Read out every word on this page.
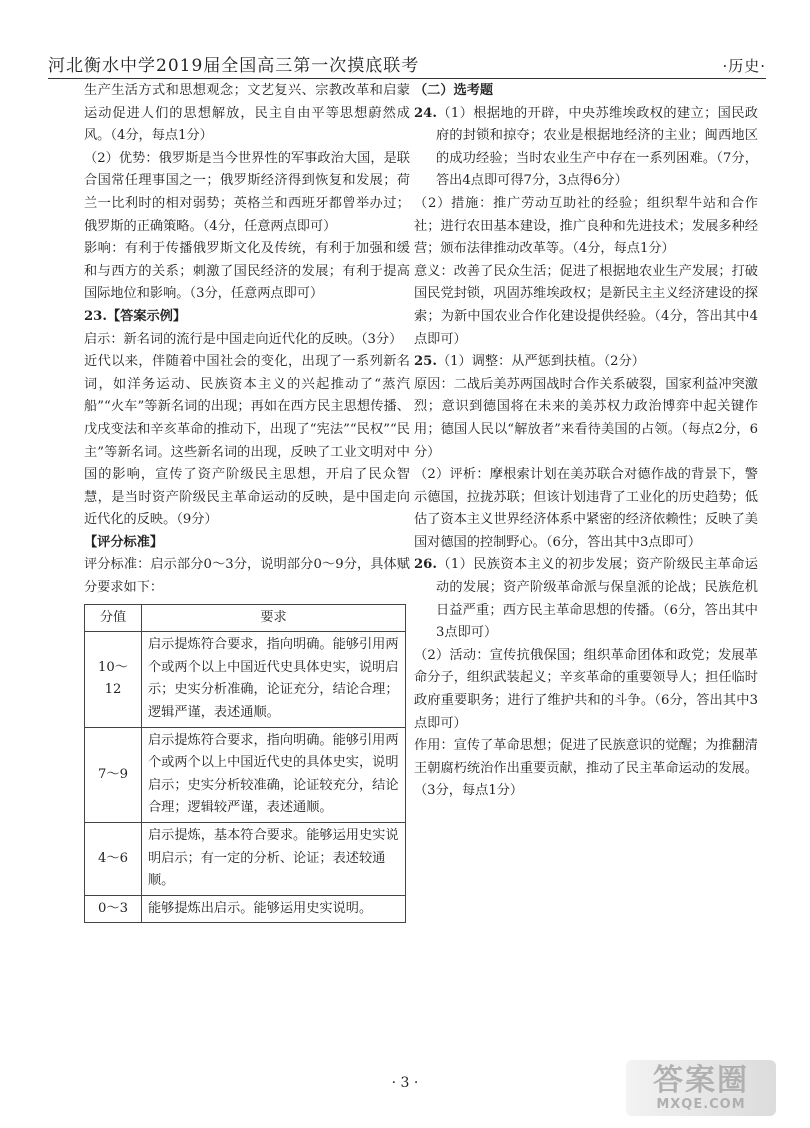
河北衡水中学2019届全国高三第一次摸底联考	·历史·

生产生活方式和思想观念；文艺复兴、宗教改革和启蒙运动促进人们的思想解放，民主自由平等思想蔚然成风。（4分，每点1分）

（2）优势：俄罗斯是当今世界性的军事政治大国，是联合国常任理事国之一；俄罗斯经济得到恢复和发展；荷兰一比利时的相对弱势；英格兰和西班牙都曾举办过；俄罗斯的正确策略。（4分，任意两点即可）

影响：有利于传播俄罗斯文化及传统，有利于加强和缓和与西方的关系；刺激了国民经济的发展；有利于提高国际地位和影响。（3分，任意两点即可）

23.【答案示例】

启示：新名词的流行是中国走向近代化的反映。（3分）

近代以来，伴随着中国社会的变化，出现了一系列新名词，如洋务运动、民族资本主义的兴起推动了“蒸汽船”“火车”等新名词的出现；再如在西方民主思想传播、戊戌变法和辛亥革命的推动下，出现了“宪法”“民权”“民主”等新名词。这些新名词的出现，反映了工业文明对中国的影响，宣传了资产阶级民主思想，开启了民众智慧，是当时资产阶级民主革命运动的反映，是中国走向近代化的反映。（9分）

【评分标准】

评分标准：启示部分0～3分，说明部分0～9分，具体赋分要求如下：

分值	要求
10～12	启示提炼符合要求，指向明确。能够引用两个或两个以上中国近代史具体史实，说明启示；史实分析准确，论证充分，结论合理；逻辑严谨，表述通顺。
7～9	启示提炼符合要求，指向明确。能够引用两个或两个以上中国近代史的具体史实，说明启示；史实分析较准确，论证较充分，结论合理；逻辑较严谨，表述通顺。
4～6	启示提炼，基本符合要求。能够运用史实说明启示；有一定的分析、论证；表述较通顺。
0～3	能够提炼出启示。能够运用史实说明。

（二）选考题

24.（1）根据地的开辟，中央苏维埃政权的建立；国民政府的封锁和掠夺；农业是根据地经济的主业；闽西地区的成功经验；当时农业生产中存在一系列困难。（7分，答出4点即可得7分，3点得6分）

（2）措施：推广劳动互助社的经验；组织犁牛站和合作社；进行农田基本建设，推广良种和先进技术；发展多种经营；颁布法律推动改革等。（4分，每点1分）

意义：改善了民众生活；促进了根据地农业生产发展；打破国民党封锁，巩固苏维埃政权；是新民主主义经济建设的探索；为新中国农业合作化建设提供经验。（4分，答出其中4点即可）

25.（1）调整：从严惩到扶植。（2分）

原因：二战后美苏两国战时合作关系破裂，国家利益冲突激烈；意识到德国将在未来的美苏权力政治博弈中起关键作用；德国人民以“解放者”来看待美国的占领。（每点2分，6分）

（2）评析：摩根索计划在美苏联合对德作战的背景下，警示德国，拉拢苏联；但该计划违背了工业化的历史趋势；低估了资本主义世界经济体系中紧密的经济依赖性；反映了美国对德国的控制野心。（6分，答出其中3点即可）

26.（1）民族资本主义的初步发展；资产阶级民主革命运动的发展；资产阶级革命派与保皇派的论战；民族危机日益严重；西方民主革命思想的传播。（6分，答出其中3点即可）

（2）活动：宣传抗俄保国；组织革命团体和政党；发展革命分子，组织武装起义；辛亥革命的重要领导人；担任临时政府重要职务；进行了维护共和的斗争。（6分，答出其中3点即可）

作用：宣传了革命思想；促进了民族意识的觉醒；为推翻清王朝腐朽统治作出重要贡献，推动了民主革命运动的发展。（3分，每点1分）

· 3 ·	答案圈
MXQE.COM
